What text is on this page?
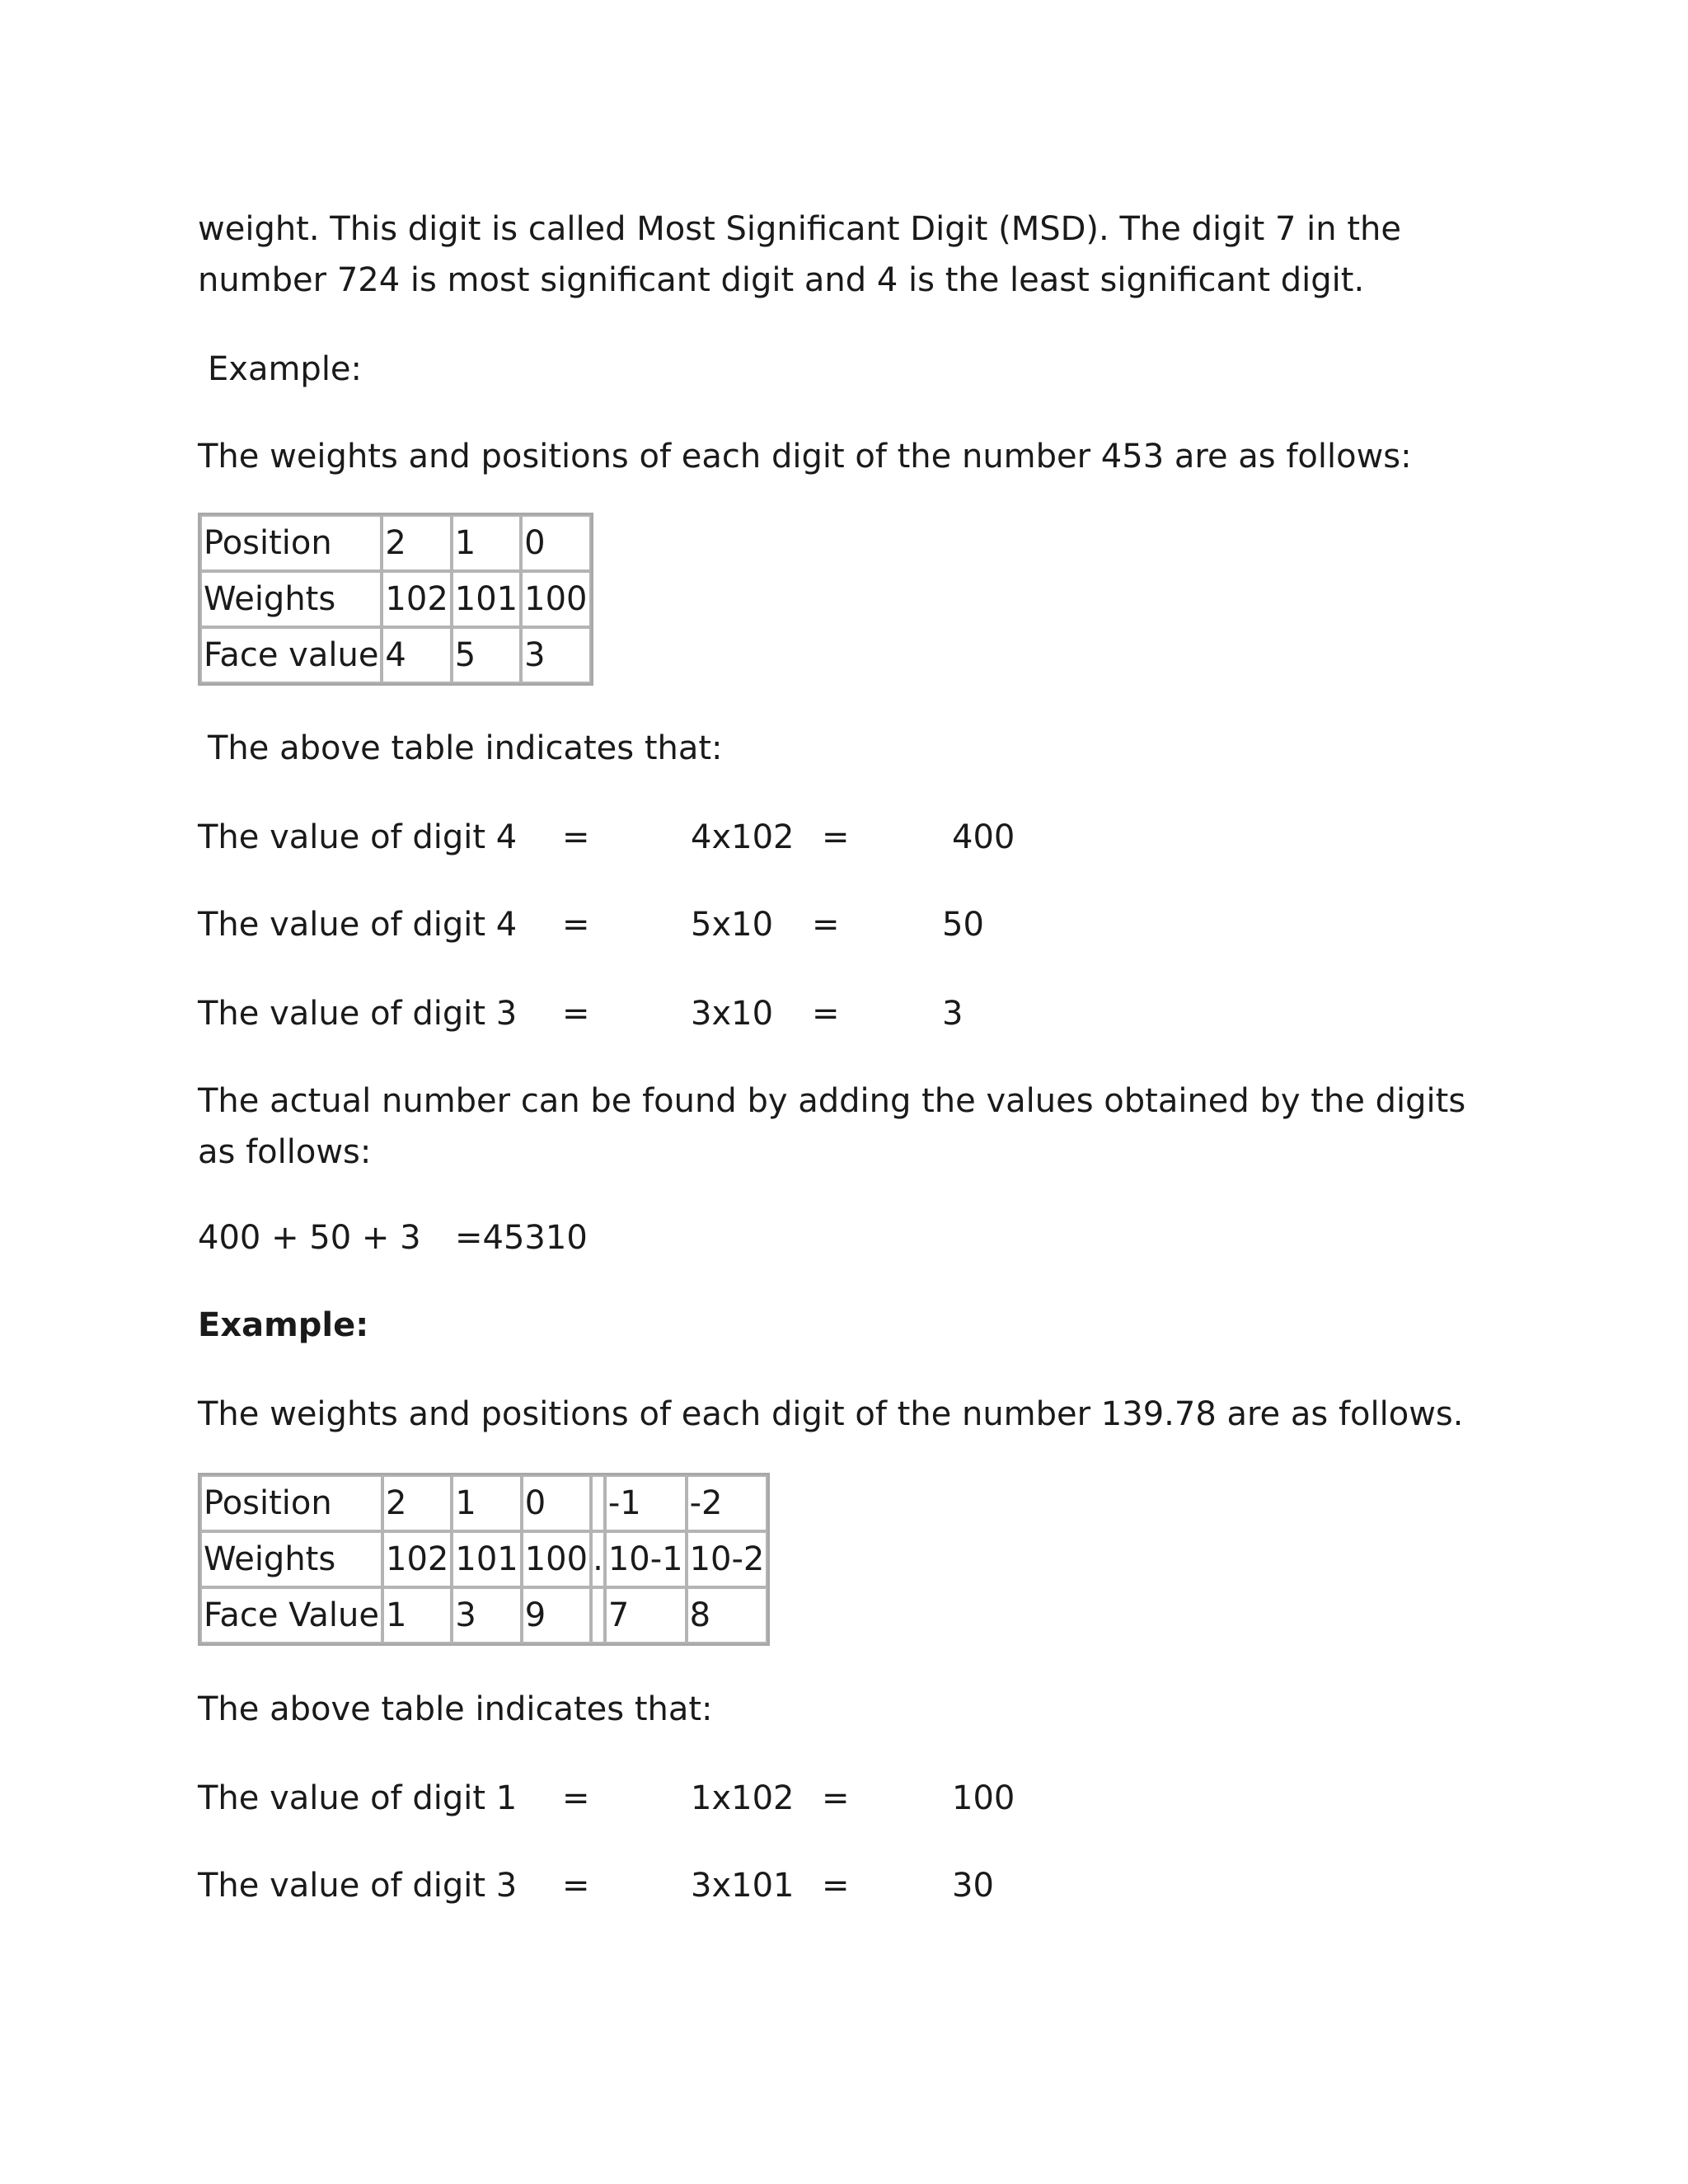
weight. This digit is called Most Significant Digit (MSD). The digit 7 in the number 724 is most significant digit and 4 is the least significant digit.
Example:
The weights and positions of each digit of the number 453 are as follows:
Position	2	1	0
Weights	102	101	100
Face value	4	5	3
The above table indicates that:
The value of digit 4 =	4x102 =	400
The value of digit 4 =	5x10 =	50
The value of digit 3 =	3x10 =	3
The actual number can be found by adding the values obtained by the digits as follows:
400 + 50 + 3 =45310
Example:
The weights and positions of each digit of the number 139.78 are as follows.
Position	2	1	0		-1	-2
Weights	102	101	100	.	10-1	10-2
Face Value	1	3	9		7	8
The above table indicates that:
The value of digit 1 =	1x102 =	100
The value of digit 3 =	3x101 =	30
